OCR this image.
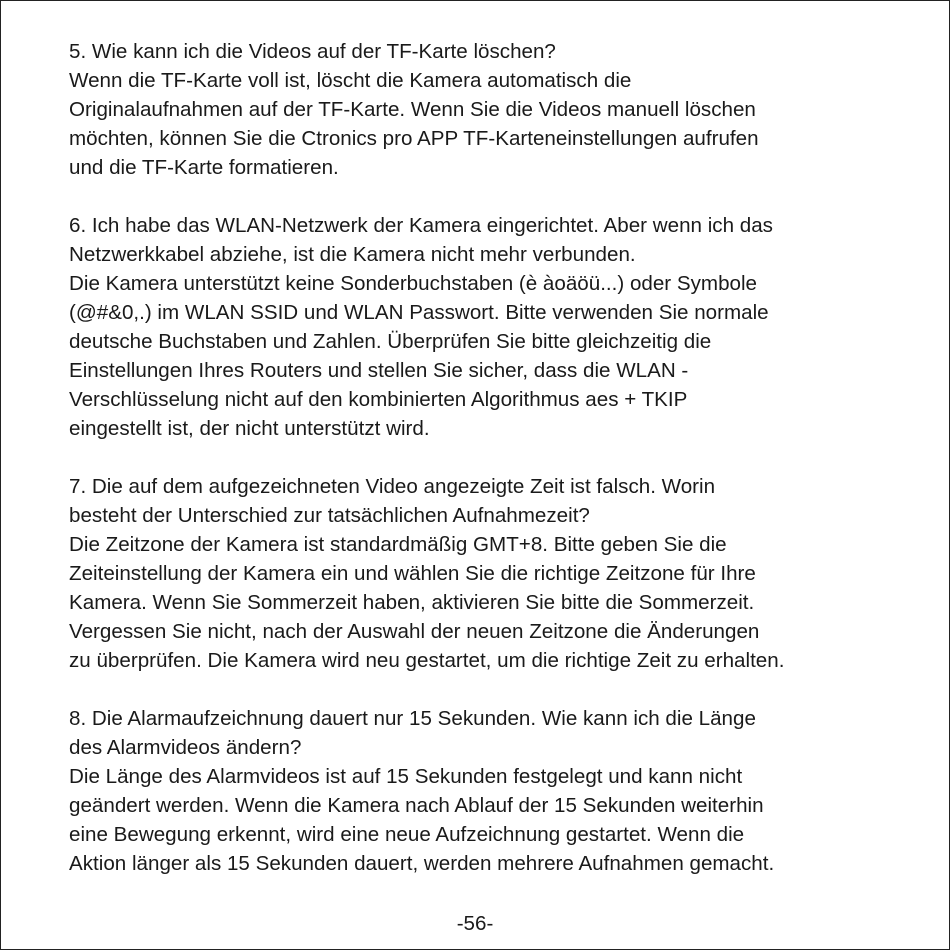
5. Wie kann ich die Videos auf der TF-Karte löschen?

Wenn die TF-Karte voll ist, löscht die Kamera automatisch die
Originalaufnahmen auf der TF-Karte. Wenn Sie die Videos manuell löschen
möchten, können Sie die Ctronics pro APP TF-Karteneinstellungen aufrufen
und die TF-Karte formatieren.

6. Ich habe das WLAN-Netzwerk der Kamera eingerichtet. Aber wenn ich das
Netzwerkkabel abziehe, ist die Kamera nicht mehr verbunden.

Die Kamera unterstützt keine Sonderbuchstaben (è àoäöü...) oder Symbole
(@#&0,.) im WLAN SSID und WLAN Passwort. Bitte verwenden Sie normale
deutsche Buchstaben und Zahlen. Überprüfen Sie bitte gleichzeitig die
Einstellungen Ihres Routers und stellen Sie sicher, dass die WLAN -
Verschlüsselung nicht auf den kombinierten Algorithmus aes + TKIP
eingestellt ist, der nicht unterstützt wird.

7. Die auf dem aufgezeichneten Video angezeigte Zeit ist falsch. Worin
besteht der Unterschied zur tatsächlichen Aufnahmezeit?

Die Zeitzone der Kamera ist standardmäßig GMT+8. Bitte geben Sie die
Zeiteinstellung der Kamera ein und wählen Sie die richtige Zeitzone für Ihre
Kamera. Wenn Sie Sommerzeit haben, aktivieren Sie bitte die Sommerzeit.
Vergessen Sie nicht, nach der Auswahl der neuen Zeitzone die Änderungen
zu überprüfen. Die Kamera wird neu gestartet, um die richtige Zeit zu erhalten.

8. Die Alarmaufzeichnung dauert nur 15 Sekunden. Wie kann ich die Länge
des Alarmvideos ändern?

Die Länge des Alarmvideos ist auf 15 Sekunden festgelegt und kann nicht
geändert werden. Wenn die Kamera nach Ablauf der 15 Sekunden weiterhin
eine Bewegung erkennt, wird eine neue Aufzeichnung gestartet. Wenn die
Aktion länger als 15 Sekunden dauert, werden mehrere Aufnahmen gemacht.

-56-
